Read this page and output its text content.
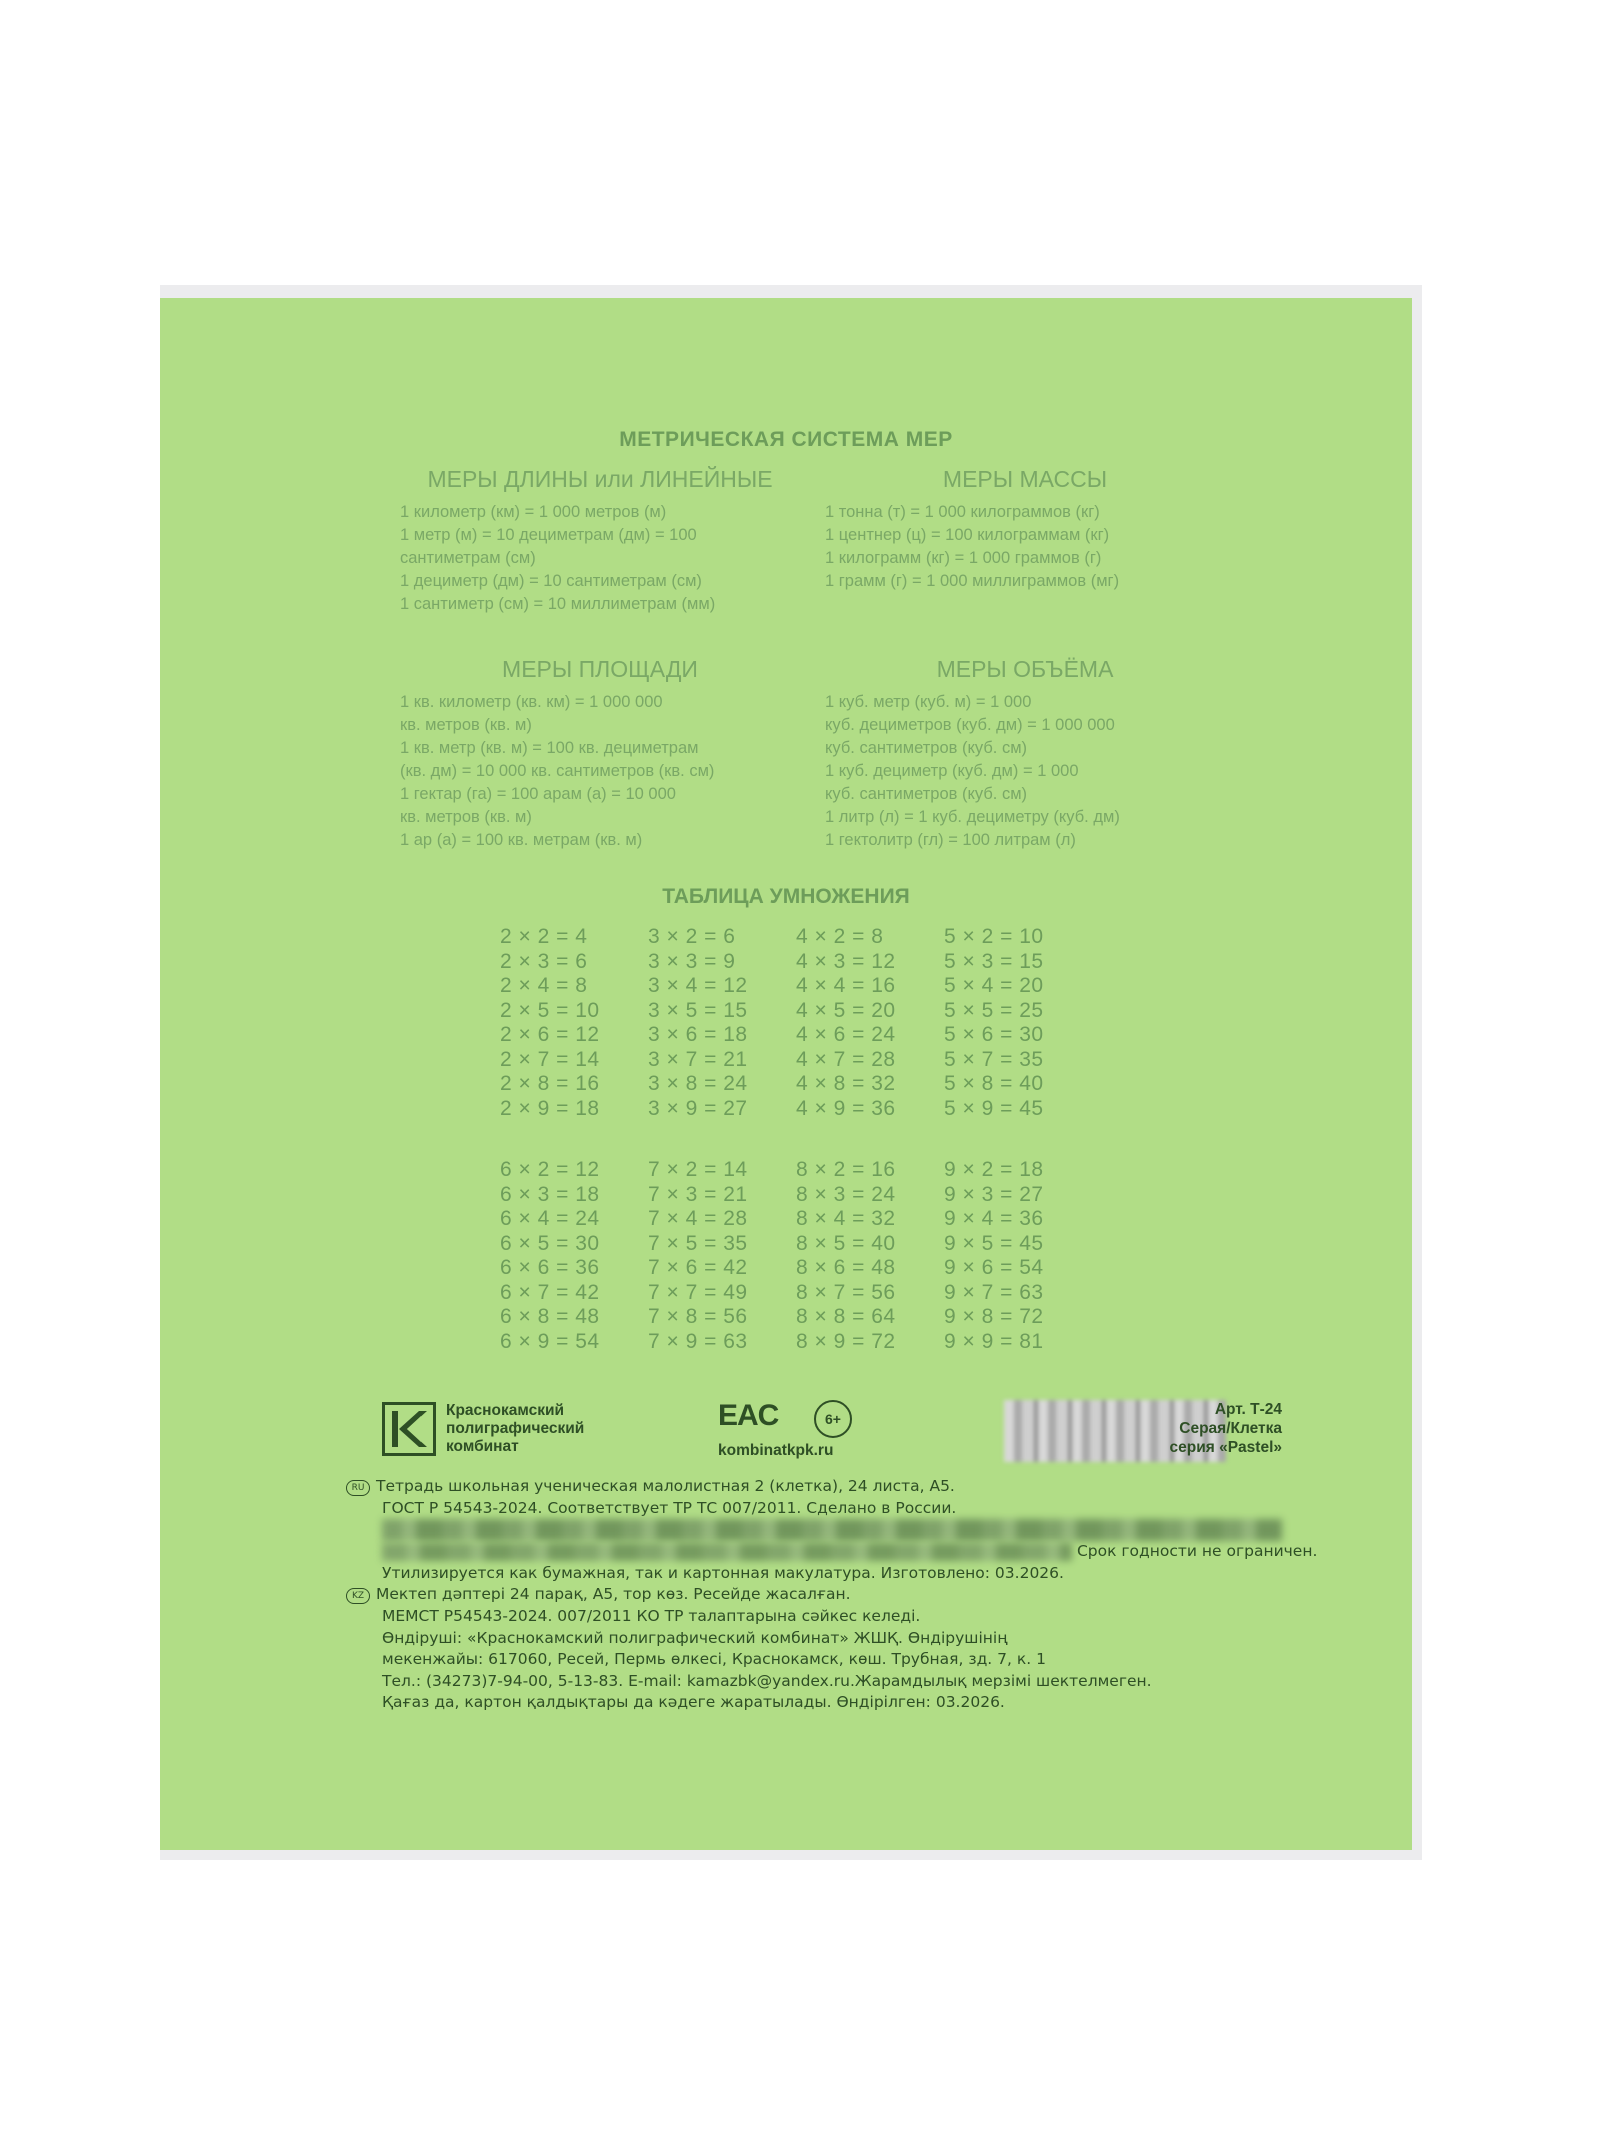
МЕТРИЧЕСКАЯ СИСТЕМА МЕР
МЕРЫ ДЛИНЫ или ЛИНЕЙНЫЕ
1 километр (км) = 1 000 метров (м)
1 метр (м) = 10 дециметрам (дм) = 100
сантиметрам (см)
1 дециметр (дм) = 10 сантиметрам (см)
1 сантиметр (см) = 10 миллиметрам (мм)
МЕРЫ МАССЫ
1 тонна (т) = 1 000 килограммов (кг)
1 центнер (ц) = 100 килограммам (кг)
1 килограмм (кг) = 1 000 граммов (г)
1 грамм (г) = 1 000 миллиграммов (мг)
МЕРЫ ПЛОЩАДИ
1 кв. километр (кв. км) = 1 000 000
кв. метров (кв. м)
1 кв. метр (кв. м) = 100 кв. дециметрам
(кв. дм) = 10 000 кв. сантиметров (кв. см)
1 гектар (га) = 100 арам (а) = 10 000
кв. метров (кв. м)
1 ар (а) = 100 кв. метрам (кв. м)
МЕРЫ ОБЪЁМА
1 куб. метр (куб. м) = 1 000
куб. дециметров (куб. дм) = 1 000 000
куб. сантиметров (куб. см)
1 куб. дециметр (куб. дм) = 1 000
куб. сантиметров (куб. см)
1 литр (л) = 1 куб. дециметру (куб. дм)
1 гектолитр (гл) = 100 литрам (л)
ТАБЛИЦА УМНОЖЕНИЯ
2 × 2 = 4
2 × 3 = 6
2 × 4 = 8
2 × 5 = 10
2 × 6 = 12
2 × 7 = 14
2 × 8 = 16
2 × 9 = 18
3 × 2 = 6
3 × 3 = 9
3 × 4 = 12
3 × 5 = 15
3 × 6 = 18
3 × 7 = 21
3 × 8 = 24
3 × 9 = 27
4 × 2 = 8
4 × 3 = 12
4 × 4 = 16
4 × 5 = 20
4 × 6 = 24
4 × 7 = 28
4 × 8 = 32
4 × 9 = 36
5 × 2 = 10
5 × 3 = 15
5 × 4 = 20
5 × 5 = 25
5 × 6 = 30
5 × 7 = 35
5 × 8 = 40
5 × 9 = 45
6 × 2 = 12
6 × 3 = 18
6 × 4 = 24
6 × 5 = 30
6 × 6 = 36
6 × 7 = 42
6 × 8 = 48
6 × 9 = 54
7 × 2 = 14
7 × 3 = 21
7 × 4 = 28
7 × 5 = 35
7 × 6 = 42
7 × 7 = 49
7 × 8 = 56
7 × 9 = 63
8 × 2 = 16
8 × 3 = 24
8 × 4 = 32
8 × 5 = 40
8 × 6 = 48
8 × 7 = 56
8 × 8 = 64
8 × 9 = 72
9 × 2 = 18
9 × 3 = 27
9 × 4 = 36
9 × 5 = 45
9 × 6 = 54
9 × 7 = 63
9 × 8 = 72
9 × 9 = 81
Краснокамский
полиграфический
комбинат
EAC	6+
kombinatkpk.ru
Арт. Т-24
Серая/Клетка
серия «Pastel»
RU Тетрадь школьная ученическая малолистная 2 (клетка), 24 листа, А5.
ГОСТ Р 54543-2024. Соответствует ТР ТС 007/2011. Сделано в России.
Срок годности не ограничен.
Утилизируется как бумажная, так и картонная макулатура. Изготовлено: 03.2026.
KZ Мектеп дәптері 24 парақ, А5, тор көз. Ресейде жасалған.
МЕМСТ Р54543-2024. 007/2011 КО ТР талаптарына сәйкес келеді.
Өндіруші: «Краснокамский полиграфический комбинат» ЖШҚ. Өндірушінің
мекенжайы: 617060, Ресей, Пермь өлкесі, Краснокамск, көш. Трубная, зд. 7, к. 1
Тел.: (34273)7-94-00, 5-13-83. E-mail: kamazbk@yandex.ru.Жарамдылық мерзімі шектелмеген.
Қағаз да, картон қалдықтары да кәдеге жаратылады. Өндірілген: 03.2026.
